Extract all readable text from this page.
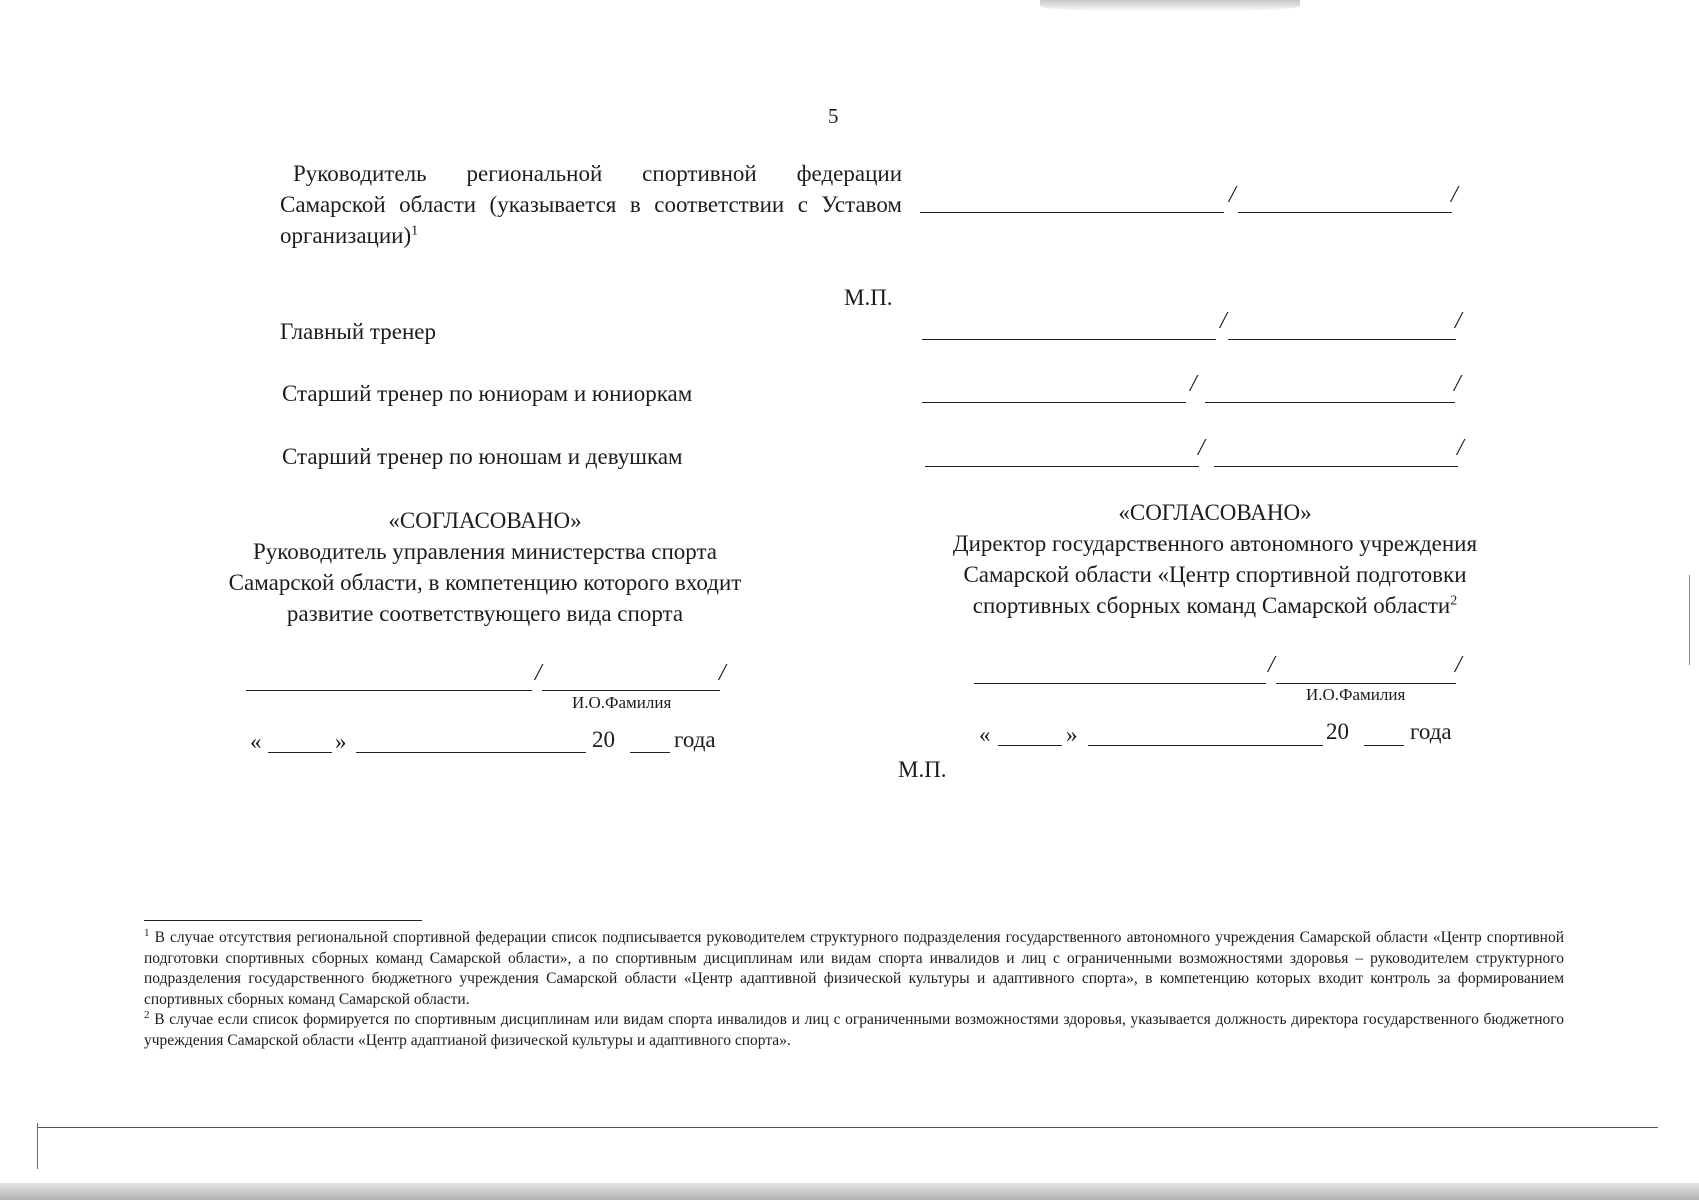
5
Руководитель региональной спортивной федерации Самарской области (указывается в соответствии с Уставом организации)$^1$
/	/
М.П.
Главный тренер	/	/
Старший тренер по юниорам и юниоркам	/	/
Старший тренер по юношам и девушкам	/	/
«СОГЛАСОВАНО»
Руководитель управления министерства спорта
Самарской области, в компетенцию которого входит
развитие соответствующего вида спорта
/	/
И.О.Фамилия
«	»	20	года
«СОГЛАСОВАНО»
Директор государственного автономного учреждения
Самарской области «Центр спортивной подготовки
спортивных сборных команд Самарской области$^2$
/	/
И.О.Фамилия
«	»	20	года
М.П.
$^1$ В случае отсутствия региональной спортивной федерации список подписывается руководителем структурного подразделения государственного автономного учреждения Самарской области «Центр спортивной подготовки спортивных сборных команд Самарской области», а по спортивным дисциплинам или видам спорта инвалидов и лиц с ограниченными возможностями здоровья – руководителем структурного подразделения государственного бюджетного учреждения Самарской области «Центр адаптивной физической культуры и адаптивного спорта», в компетенцию которых входит контроль за формированием спортивных сборных команд Самарской области.
$^2$ В случае если список формируется по спортивным дисциплинам или видам спорта инвалидов и лиц с ограниченными возможностями здоровья, указывается должность директора государственного бюджетного учреждения Самарской области «Центр адаптианой физической культуры и адаптивного спорта».
